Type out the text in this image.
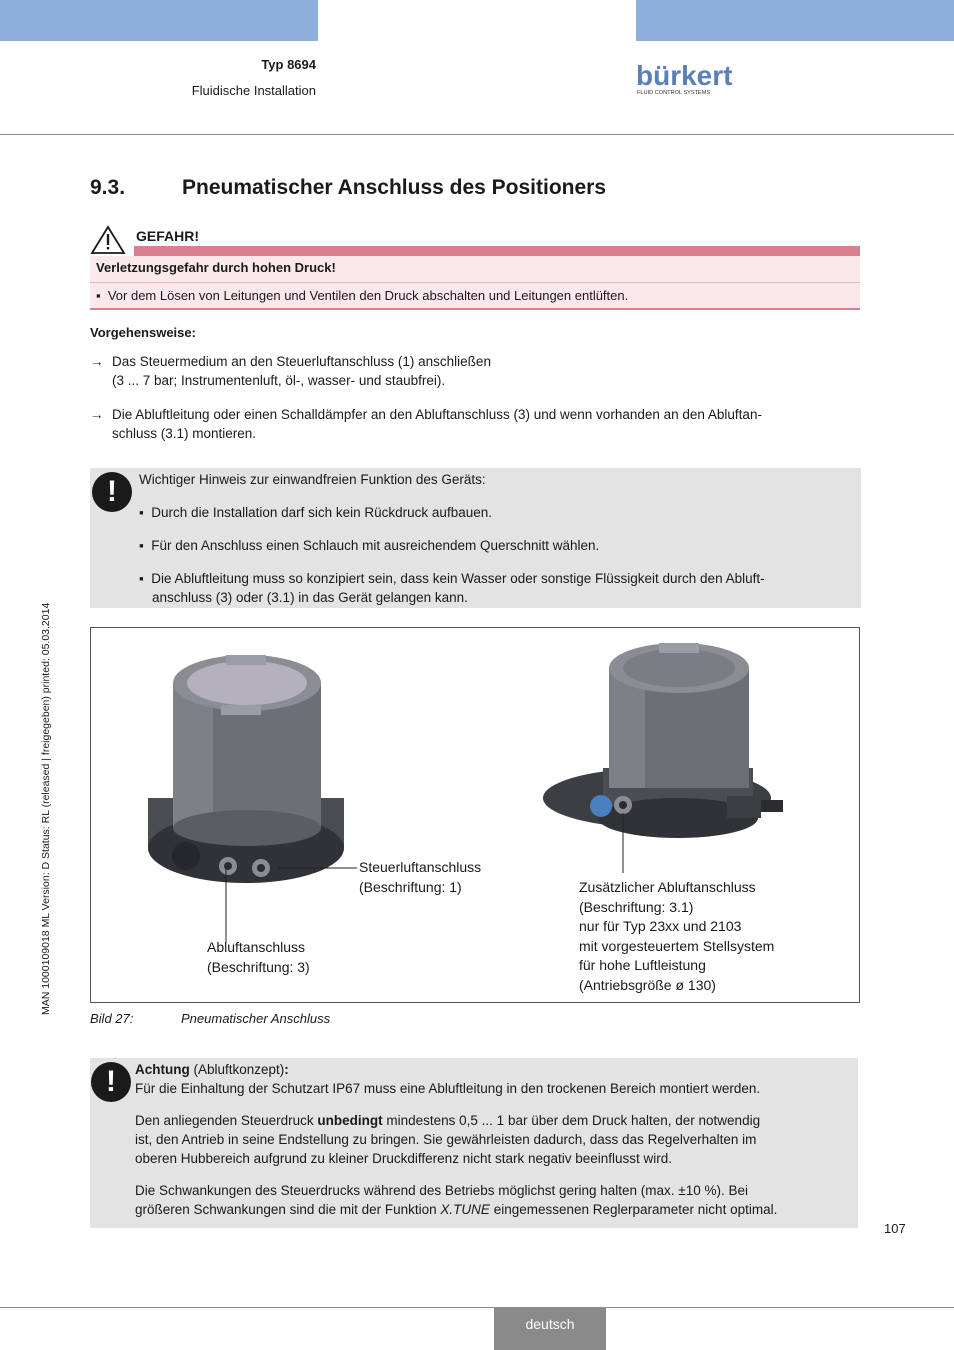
Typ 8694
Fluidische Installation	bürkert
FLUID CONTROL SYSTEMS
9.3.	Pneumatischer Anschluss des Positioners
GEFAHR!
Verletzungsgefahr durch hohen Druck!
▪  Vor dem Lösen von Leitungen und Ventilen den Druck abschalten und Leitungen entlüften.
Vorgehensweise:
→ Das Steuermedium an den Steuerluftanschluss (1) anschließen
(3 ... 7 bar; Instrumentenluft, öl-, wasser- und staubfrei).
→ Die Abluftleitung oder einen Schalldämpfer an den Abluftanschluss (3) und wenn vorhanden an den Abluftan-
schluss (3.1) montieren.
!	Wichtiger Hinweis zur einwandfreien Funktion des Geräts:
▪  Durch die Installation darf sich kein Rückdruck aufbauen.
▪  Für den Anschluss einen Schlauch mit ausreichendem Querschnitt wählen.
▪  Die Abluftleitung muss so konzipiert sein, dass kein Wasser oder sonstige Flüssigkeit durch den Abluft-
anschluss (3) oder (3.1) in das Gerät gelangen kann.
Steuerluftanschluss
(Beschriftung: 1)
Abluftanschluss
(Beschriftung: 3)
Zusätzlicher Abluftanschluss
(Beschriftung: 3.1)
nur für Typ 23xx und 2103
mit vorgesteuertem Stellsystem
für hohe Luftleistung
(Antriebsgröße ø 130)
Bild 27:	Pneumatischer Anschluss
!	Achtung (Abluftkonzept):
Für die Einhaltung der Schutzart IP67 muss eine Abluftleitung in den trockenen Bereich montiert werden.
Den anliegenden Steuerdruck unbedingt mindestens 0,5 ... 1 bar über dem Druck halten, der notwendig
ist, den Antrieb in seine Endstellung zu bringen. Sie gewährleisten dadurch, dass das Regelverhalten im
oberen Hubbereich aufgrund zu kleiner Druckdifferenz nicht stark negativ beeinflusst wird.
Die Schwankungen des Steuerdrucks während des Betriebs möglichst gering halten (max. ±10 %). Bei
größeren Schwankungen sind die mit der Funktion X.TUNE eingemessenen Reglerparameter nicht optimal.
MAN 1000109018 ML Version: D Status: RL (released | freigegeben) printed: 05.03.2014
107
deutsch
